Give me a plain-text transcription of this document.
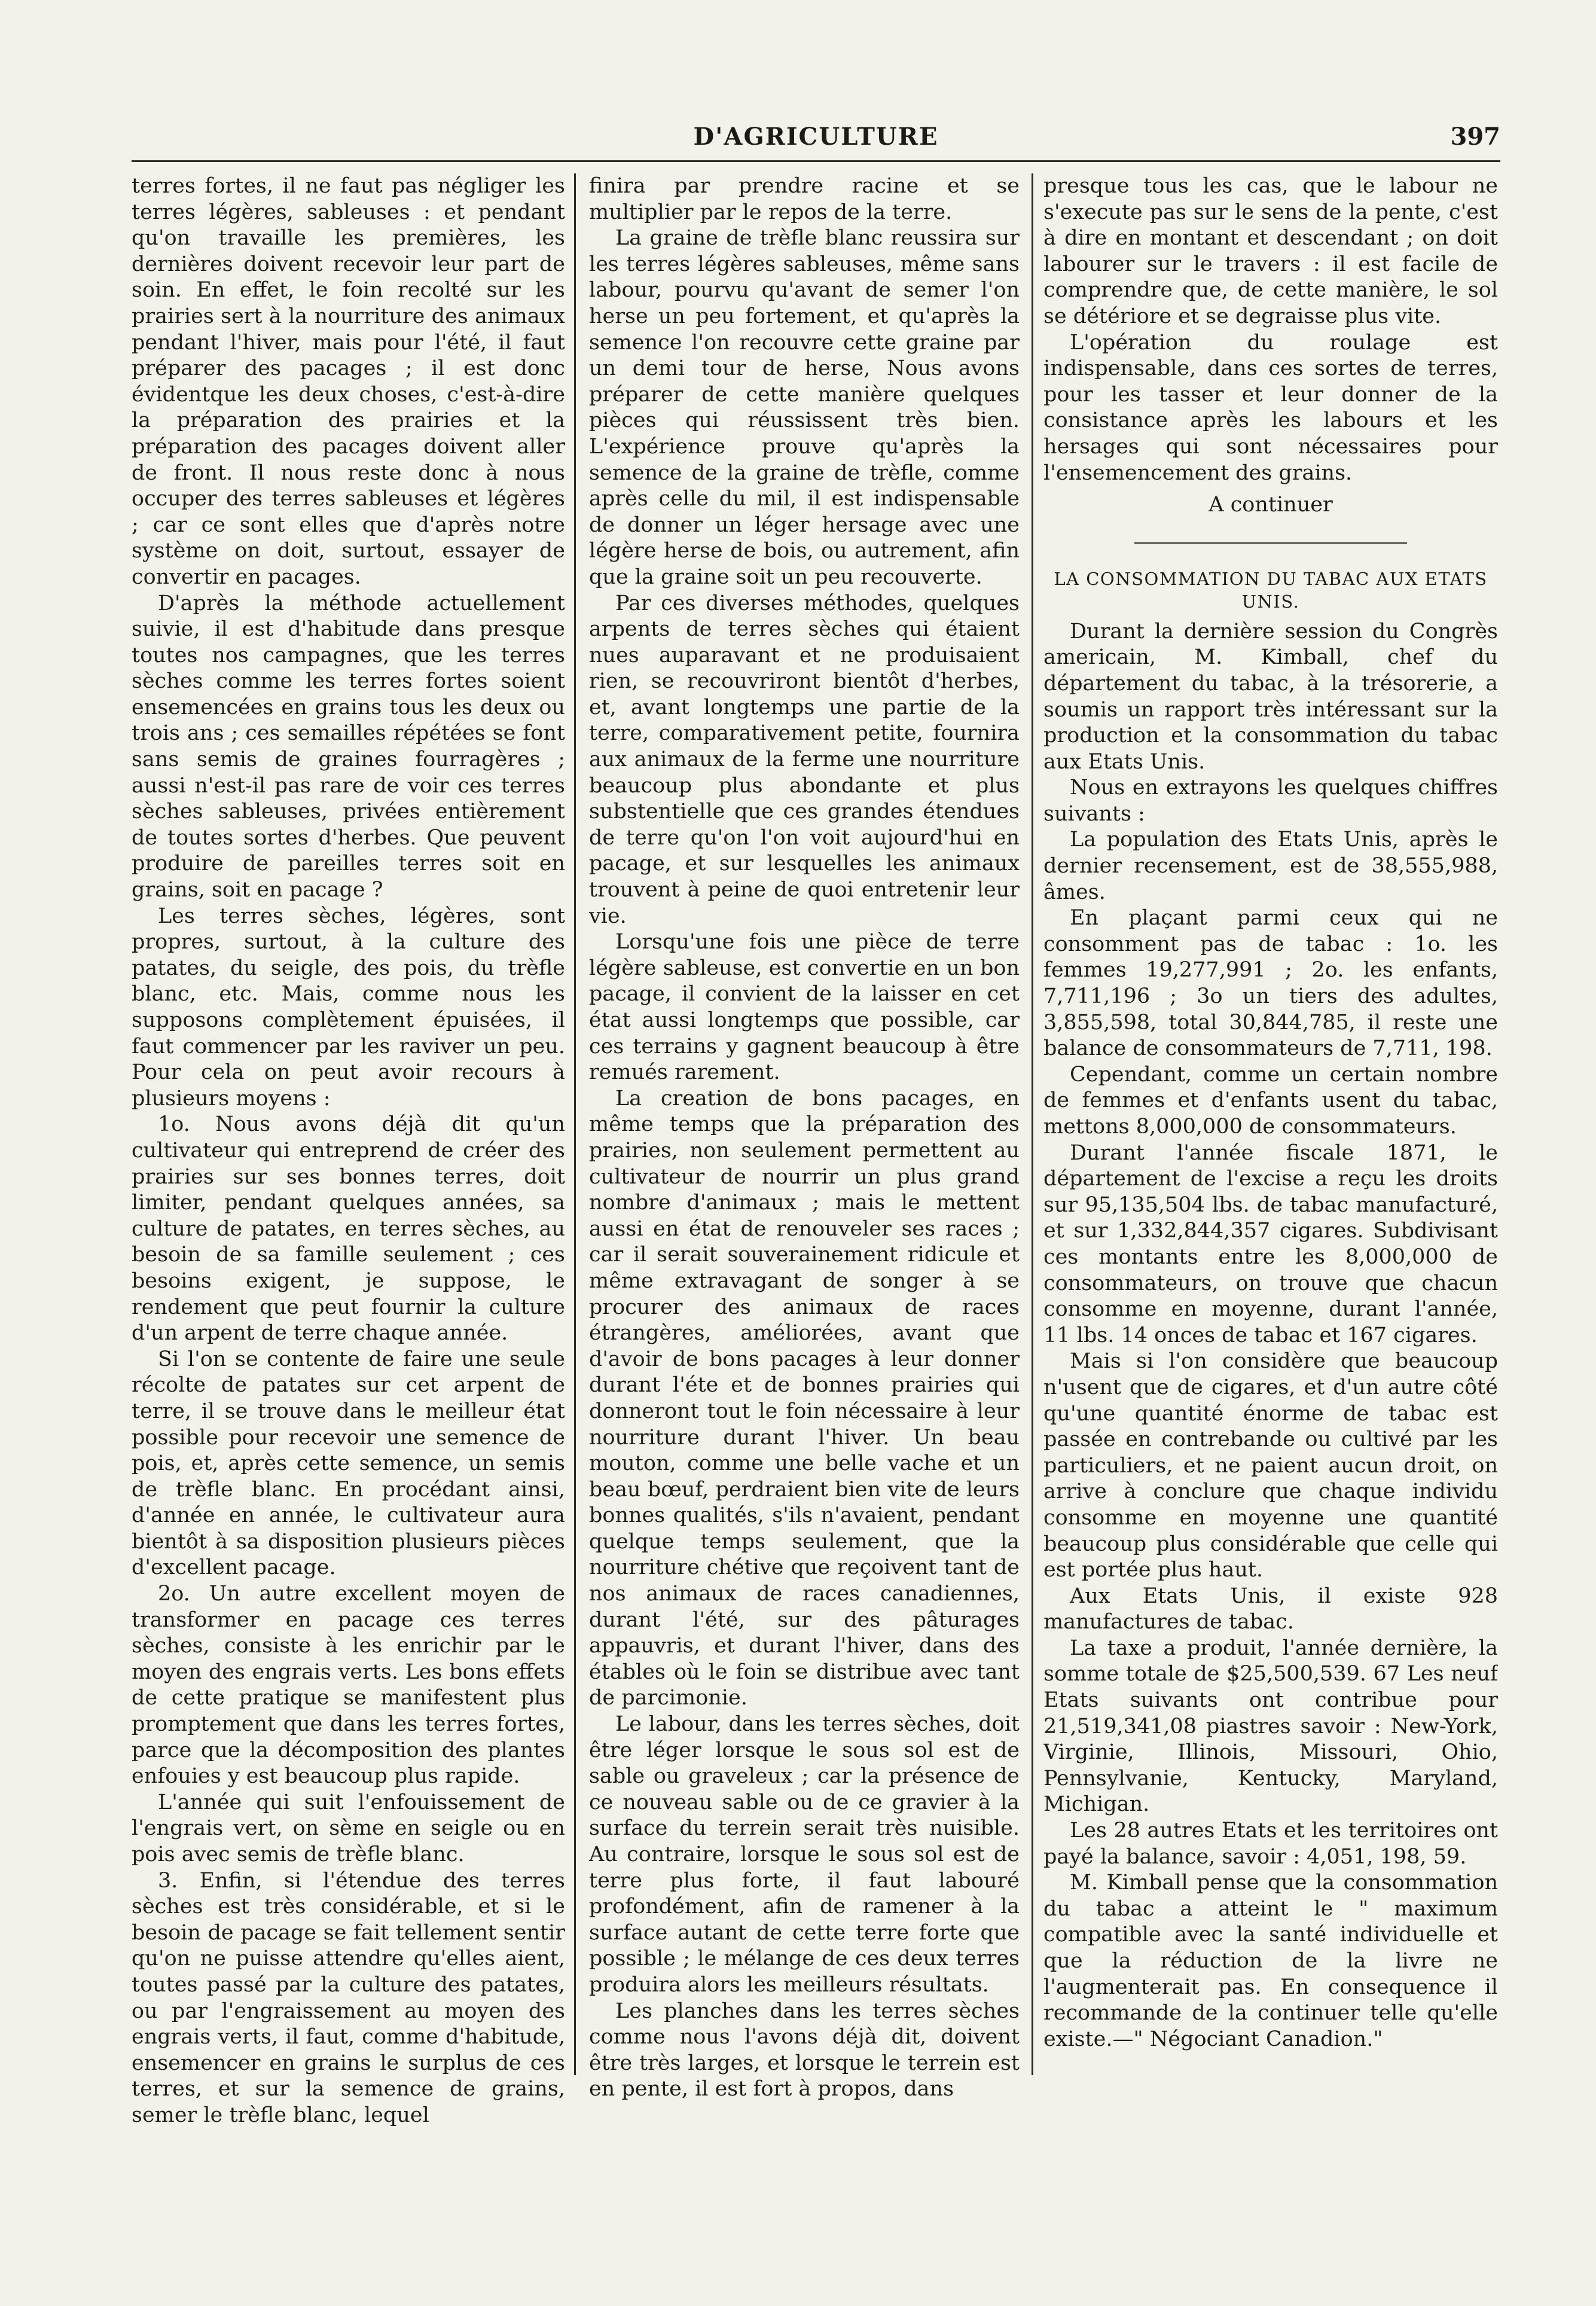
D'AGRICULTURE	397

terres fortes, il ne faut pas négliger les terres légères, sableuses : et pendant qu'on travaille les premières, les dernières doivent recevoir leur part de soin. En effet, le foin recolté sur les prairies sert à la nourriture des animaux pendant l'hiver, mais pour l'été, il faut préparer des pacages ; il est donc évidentque les deux choses, c'est-à-dire la préparation des prairies et la préparation des pacages doivent aller de front. Il nous reste donc à nous occuper des terres sableuses et légères ; car ce sont elles que d'après notre système on doit, surtout, essayer de convertir en pacages.

D'après la méthode actuellement suivie, il est d'habitude dans presque toutes nos campagnes, que les terres sèches comme les terres fortes soient ensemencées en grains tous les deux ou trois ans ; ces semailles répétées se font sans semis de graines fourragères ; aussi n'est-il pas rare de voir ces terres sèches sableuses, privées entièrement de toutes sortes d'herbes. Que peuvent produire de pareilles terres soit en grains, soit en pacage ?

Les terres sèches, légères, sont propres, surtout, à la culture des patates, du seigle, des pois, du trèfle blanc, etc. Mais, comme nous les supposons complètement épuisées, il faut commencer par les raviver un peu. Pour cela on peut avoir recours à plusieurs moyens :

1o. Nous avons déjà dit qu'un cultivateur qui entreprend de créer des prairies sur ses bonnes terres, doit limiter, pendant quelques années, sa culture de patates, en terres sèches, au besoin de sa famille seulement ; ces besoins exigent, je suppose, le rendement que peut fournir la culture d'un arpent de terre chaque année.

Si l'on se contente de faire une seule récolte de patates sur cet arpent de terre, il se trouve dans le meilleur état possible pour recevoir une semence de pois, et, après cette semence, un semis de trèfle blanc. En procédant ainsi, d'année en année, le cultivateur aura bientôt à sa disposition plusieurs pièces d'excellent pacage.

2o. Un autre excellent moyen de transformer en pacage ces terres sèches, consiste à les enrichir par le moyen des engrais verts. Les bons effets de cette pratique se manifestent plus promptement que dans les terres fortes, parce que la décomposition des plantes enfouies y est beaucoup plus rapide.

L'année qui suit l'enfouissement de l'engrais vert, on sème en seigle ou en pois avec semis de trèfle blanc.

3. Enfin, si l'étendue des terres sèches est très considérable, et si le besoin de pacage se fait tellement sentir qu'on ne puisse attendre qu'elles aient, toutes passé par la culture des patates, ou par l'engraissement au moyen des engrais verts, il faut, comme d'habitude, ensemencer en grains le surplus de ces terres, et sur la semence de grains, semer le trèfle blanc, lequel

finira par prendre racine et se multiplier par le repos de la terre.

La graine de trèfle blanc reussira sur les terres légères sableuses, même sans labour, pourvu qu'avant de semer l'on herse un peu fortement, et qu'après la semence l'on recouvre cette graine par un demi tour de herse, Nous avons préparer de cette manière quelques pièces qui réussissent très bien. L'expérience prouve qu'après la semence de la graine de trèfle, comme après celle du mil, il est indispensable de donner un léger hersage avec une légère herse de bois, ou autrement, afin que la graine soit un peu recouverte.

Par ces diverses méthodes, quelques arpents de terres sèches qui étaient nues auparavant et ne produisaient rien, se recouvriront bientôt d'herbes, et, avant longtemps une partie de la terre, comparativement petite, fournira aux animaux de la ferme une nourriture beaucoup plus abondante et plus substentielle que ces grandes étendues de terre qu'on l'on voit aujourd'hui en pacage, et sur lesquelles les animaux trouvent à peine de quoi entretenir leur vie.

Lorsqu'une fois une pièce de terre légère sableuse, est convertie en un bon pacage, il convient de la laisser en cet état aussi longtemps que possible, car ces terrains y gagnent beaucoup à être remués rarement.

La creation de bons pacages, en même temps que la préparation des prairies, non seulement permettent au cultivateur de nourrir un plus grand nombre d'animaux ; mais le mettent aussi en état de renouveler ses races ; car il serait souverainement ridicule et même extravagant de songer à se procurer des animaux de races étrangères, améliorées, avant que d'avoir de bons pacages à leur donner durant l'éte et de bonnes prairies qui donneront tout le foin nécessaire à leur nourriture durant l'hiver. Un beau mouton, comme une belle vache et un beau bœuf, perdraient bien vite de leurs bonnes qualités, s'ils n'avaient, pendant quelque temps seulement, que la nourriture chétive que reçoivent tant de nos animaux de races canadiennes, durant l'été, sur des pâturages appauvris, et durant l'hiver, dans des étables où le foin se distribue avec tant de parcimonie.

Le labour, dans les terres sèches, doit être léger lorsque le sous sol est de sable ou graveleux ; car la présence de ce nouveau sable ou de ce gravier à la surface du terrein serait très nuisible. Au contraire, lorsque le sous sol est de terre plus forte, il faut labouré profondément, afin de ramener à la surface autant de cette terre forte que possible ; le mélange de ces deux terres produira alors les meilleurs résultats.

Les planches dans les terres sèches comme nous l'avons déjà dit, doivent être très larges, et lorsque le terrein est en pente, il est fort à propos, dans

presque tous les cas, que le labour ne s'execute pas sur le sens de la pente, c'est à dire en montant et descendant ; on doit labourer sur le travers : il est facile de comprendre que, de cette manière, le sol se détériore et se degraisse plus vite.

L'opération du roulage est indispensable, dans ces sortes de terres, pour les tasser et leur donner de la consistance après les labours et les hersages qui sont nécessaires pour l'ensemencement des grains.

A continuer

LA CONSOMMATION DU TABAC AUX ETATS UNIS.

Durant la dernière session du Congrès americain, M. Kimball, chef du département du tabac, à la trésorerie, a soumis un rapport très intéressant sur la production et la consommation du tabac aux Etats Unis.

Nous en extrayons les quelques chiffres suivants :

La population des Etats Unis, après le dernier recensement, est de 38,555,988, âmes.

En plaçant parmi ceux qui ne consomment pas de tabac : 1o. les femmes 19,277,991 ; 2o. les enfants, 7,711,196 ; 3o un tiers des adultes, 3,855,598, total 30,844,785, il reste une balance de consommateurs de 7,711, 198.

Cependant, comme un certain nombre de femmes et d'enfants usent du tabac, mettons 8,000,000 de consommateurs.

Durant l'année fiscale 1871, le département de l'excise a reçu les droits sur 95,135,504 lbs. de tabac manufacturé, et sur 1,332,844,357 cigares. Subdivisant ces montants entre les 8,000,000 de consommateurs, on trouve que chacun consomme en moyenne, durant l'année, 11 lbs. 14 onces de tabac et 167 cigares.

Mais si l'on considère que beaucoup n'usent que de cigares, et d'un autre côté qu'une quantité énorme de tabac est passée en contrebande ou cultivé par les particuliers, et ne paient aucun droit, on arrive à conclure que chaque individu consomme en moyenne une quantité beaucoup plus considérable que celle qui est portée plus haut.

Aux Etats Unis, il existe 928 manufactures de tabac.

La taxe a produit, l'année dernière, la somme totale de $25,500,539. 67 Les neuf Etats suivants ont contribue pour 21,519,341,08 piastres savoir : New-York, Virginie, Illinois, Missouri, Ohio, Pennsylvanie, Kentucky, Maryland, Michigan.

Les 28 autres Etats et les territoires ont payé la balance, savoir : 4,051, 198, 59.

M. Kimball pense que la consommation du tabac a atteint le " maximum compatible avec la santé individuelle et que la réduction de la livre ne l'augmenterait pas. En consequence il recommande de la continuer telle qu'elle existe.—" Négociant Canadion."
